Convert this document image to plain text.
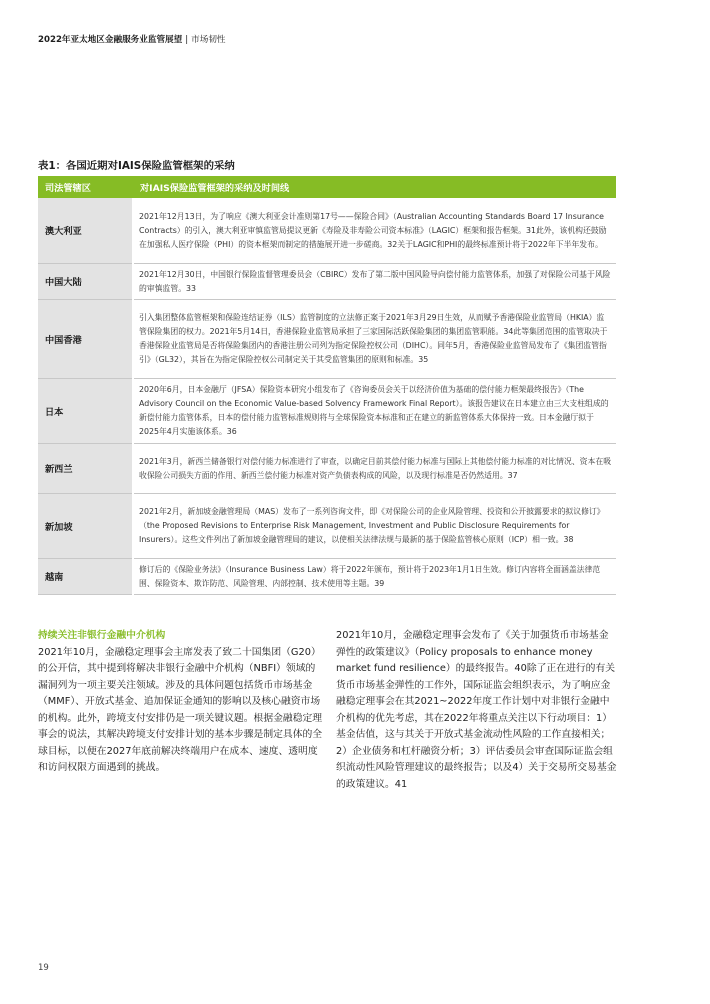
2022年亚太地区金融服务业监管展望 | 市场韧性
表1：各国近期对IAIS保险监管框架的采纳
司法管辖区	对IAIS保险监管框架的采纳及时间线
澳大利亚	2021年12月13日，为了响应《澳大利亚会计准则第17号——保险合同》（Australian Accounting Standards Board 17 Insurance Contracts）的引入，澳大利亚审慎监管局提议更新《寿险及非寿险公司资本标准》（LAGIC）框架和报告框架。31此外，该机构还鼓励在加强私人医疗保险（PHI）的资本框架而制定的措施展开进一步磋商。32关于LAGIC和PHI的最终标准预计将于2022年下半年发布。
中国大陆	2021年12月30日，中国银行保险监督管理委员会（CBIRC）发布了第二版中国风险导向偿付能力监管体系，加强了对保险公司基于风险的审慎监管。33
中国香港	引入集团整体监管框架和保险连结证券（ILS）监管制度的立法修正案于2021年3月29日生效，从而赋予香港保险业监管局（HKIA）监管保险集团的权力。2021年5月14日，香港保险业监管局承担了三家国际活跃保险集团的集团监管职能。34此等集团范围的监管取决于香港保险业监管局是否将保险集团内的香港注册公司列为指定保险控权公司（DIHC）。同年5月，香港保险业监管局发布了《集团监管指引》（GL32），其旨在为指定保险控权公司制定关于其受监管集团的原则和标准。35
日本	2020年6月，日本金融厅（JFSA）保险资本研究小组发布了《咨询委员会关于以经济价值为基础的偿付能力框架最终报告》（The Advisory Council on the Economic Value-based Solvency Framework Final Report）。该报告建议在日本建立由三大支柱组成的新偿付能力监管体系，日本的偿付能力监管标准规则将与全球保险资本标准和正在建立的新监管体系大体保持一致。日本金融厅拟于2025年4月实施该体系。36
新西兰	2021年3月，新西兰储备银行对偿付能力标准进行了审查，以确定目前其偿付能力标准与国际上其他偿付能力标准的对比情况、资本在吸收保险公司损失方面的作用、新西兰偿付能力标准对资产负债表构成的风险，以及现行标准是否仍然适用。37
新加坡	2021年2月，新加坡金融管理局（MAS）发布了一系列咨询文件，即《对保险公司的企业风险管理、投资和公开披露要求的拟议修订》（the Proposed Revisions to Enterprise Risk Management, Investment and Public Disclosure Requirements for Insurers）。这些文件列出了新加坡金融管理局的建议，以使相关法律法规与最新的基于保险监管核心原则（ICP）相一致。38
越南	修订后的《保险业务法》（Insurance Business Law）将于2022年颁布，预计将于2023年1月1日生效。修订内容将全面涵盖法律范围、保险资本、欺诈防范、风险管理、内部控制、技术使用等主题。39
持续关注非银行金融中介机构
2021年10月，金融稳定理事会主席发表了致二十国集团（G20）的公开信，其中提到将解决非银行金融中介机构（NBFI）领域的漏洞列为一项主要关注领域。涉及的具体问题包括货币市场基金（MMF）、开放式基金、追加保证金通知的影响以及核心融资市场的机构。此外，跨境支付安排仍是一项关键议题。根据金融稳定理事会的说法，其解决跨境支付安排计划的基本步骤是制定具体的全球目标，以便在2027年底前解决终端用户在成本、速度、透明度和访问权限方面遇到的挑战。
2021年10月，金融稳定理事会发布了《关于加强货币市场基金弹性的政策建议》（Policy proposals to enhance money market fund resilience）的最终报告。40除了正在进行的有关货币市场基金弹性的工作外，国际证监会组织表示，为了响应金融稳定理事会在其2021~2022年度工作计划中对非银行金融中介机构的优先考虑，其在2022年将重点关注以下行动项目：1）基金估值，这与其关于开放式基金流动性风险的工作直接相关；2）企业债务和杠杆融资分析；3）评估委员会审查国际证监会组织流动性风险管理建议的最终报告；以及4）关于交易所交易基金的政策建议。41
19
